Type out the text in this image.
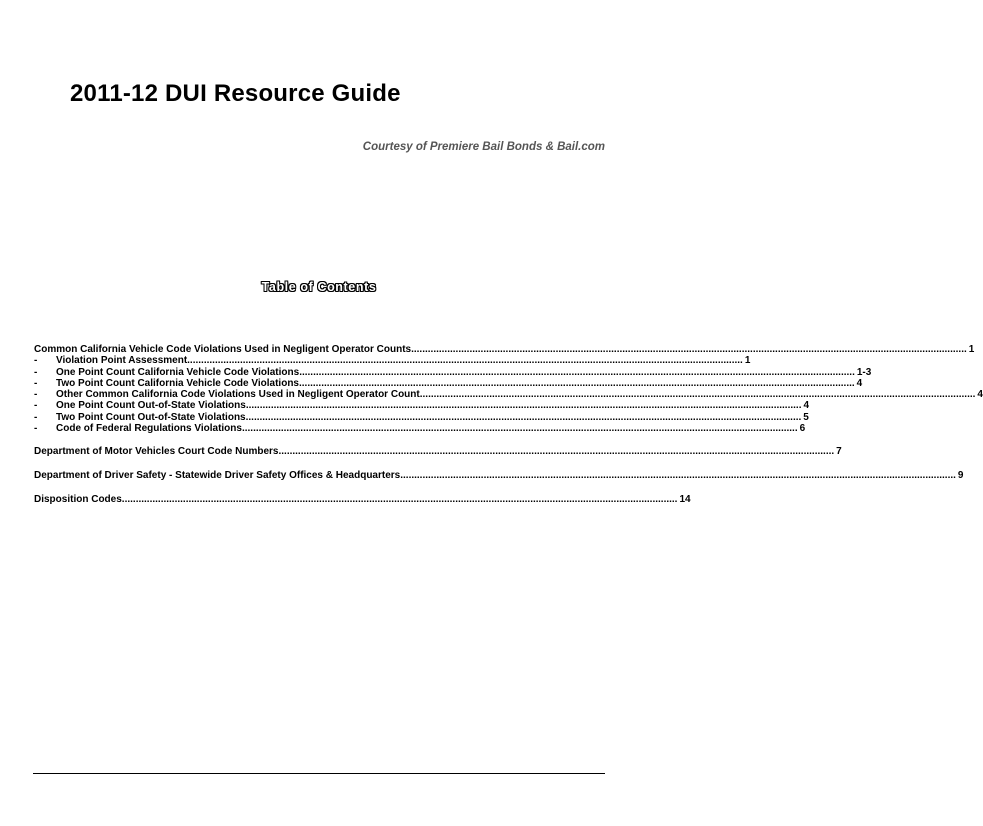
2011-12 DUI Resource Guide
Courtesy of Premiere Bail Bonds & Bail.com
Table of Contents
Common California Vehicle Code Violations Used in Negligent Operator Counts ........................................................................................................................................................................................................ 1
-	Violation Point Assessment ........................................................................................................................................................................................................ 1
-	One Point Count California Vehicle Code Violations ........................................................................................................................................................................................................ 1-3
-	Two Point Count California Vehicle Code Violations ........................................................................................................................................................................................................ 4
-	Other Common California Code Violations Used in Negligent Operator Count ........................................................................................................................................................................................................ 4
-	One Point Count Out-of-State Violations ........................................................................................................................................................................................................ 4
-	Two Point Count Out-of-State Violations ........................................................................................................................................................................................................ 5
-	Code of Federal Regulations Violations ........................................................................................................................................................................................................ 6
Department of Motor Vehicles Court Code Numbers ........................................................................................................................................................................................................ 7
Department of Driver Safety - Statewide Driver Safety Offices & Headquarters ........................................................................................................................................................................................................ 9
Disposition Codes ........................................................................................................................................................................................................ 14
